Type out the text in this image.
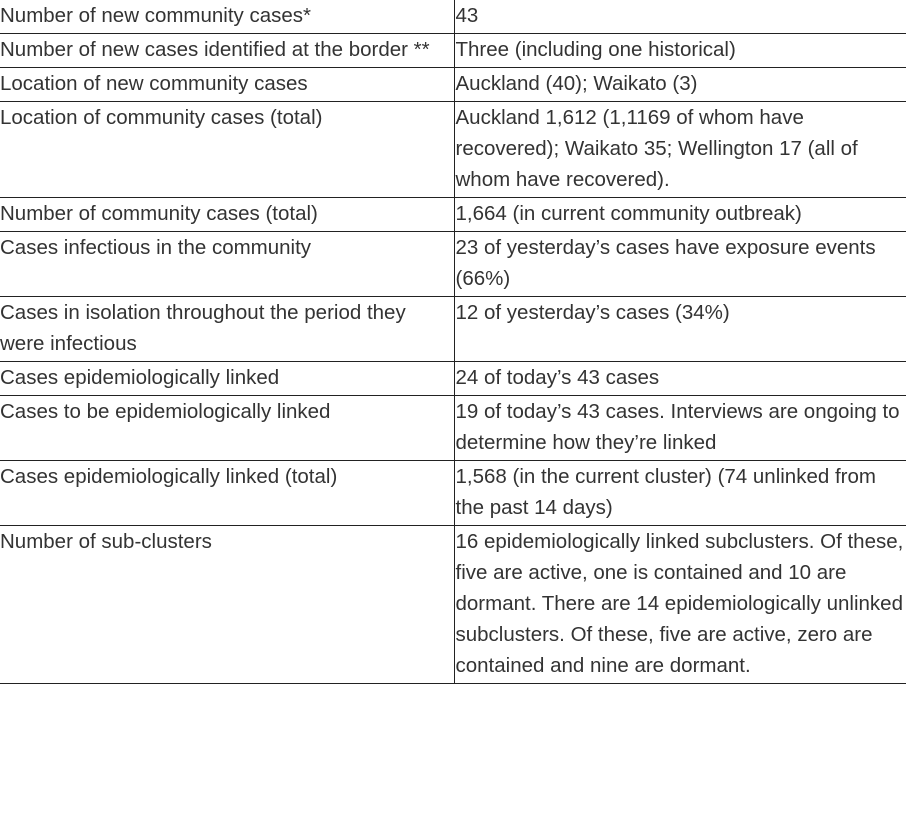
Number of new community cases*	43
Number of new cases identified at the border **	Three (including one historical)
Location of new community cases	Auckland (40); Waikato (3)
Location of community cases (total)	Auckland 1,612 (1,1169 of whom have recovered); Waikato 35; Wellington 17 (all of whom have recovered).
Number of community cases (total)	1,664 (in current community outbreak)
Cases infectious in the community	23 of yesterday’s cases have exposure events (66%)
Cases in isolation throughout the period they were infectious	12 of yesterday’s cases (34%)
Cases epidemiologically linked	24 of today’s 43 cases
Cases to be epidemiologically linked	19 of today’s 43 cases. Interviews are ongoing to determine how they’re linked
Cases epidemiologically linked (total)	1,568 (in the current cluster) (74 unlinked from the past 14 days)
Number of sub-clusters	16 epidemiologically linked subclusters. Of these, five are active, one is contained and 10 are dormant. There are 14 epidemiologically unlinked subclusters. Of these, five are active, zero are contained and nine are dormant.
